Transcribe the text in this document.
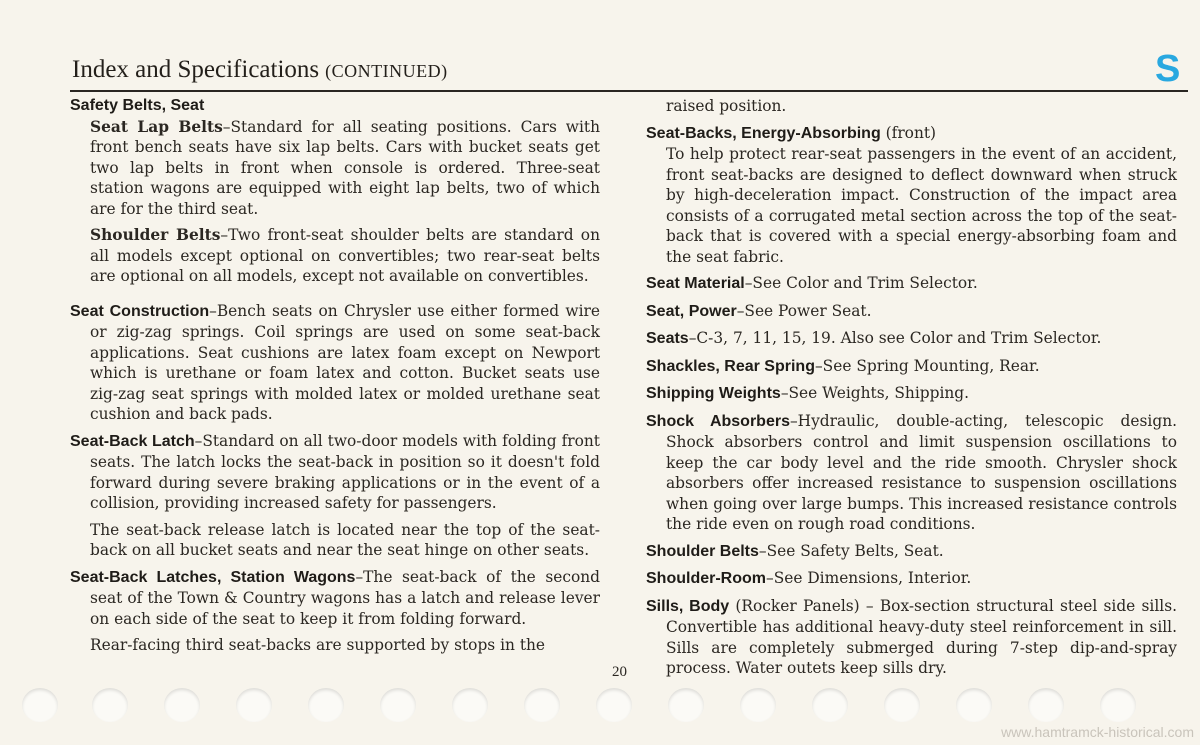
Index and Specifications (CONTINUED)	S
Safety Belts, Seat

Seat Lap Belts–Standard for all seating positions. Cars with front bench seats have six lap belts. Cars with bucket seats get two lap belts in front when console is ordered. Three-seat station wagons are equipped with eight lap belts, two of which are for the third seat.

Shoulder Belts–Two front-seat shoulder belts are standard on all models except optional on convertibles; two rear-seat belts are optional on all models, except not available on convertibles.

Seat Construction–Bench seats on Chrysler use either formed wire or zig-zag springs. Coil springs are used on some seat-back applications. Seat cushions are latex foam except on Newport which is urethane or foam latex and cotton. Bucket seats use zig-zag seat springs with molded latex or molded urethane seat cushion and back pads.

Seat-Back Latch–Standard on all two-door models with folding front seats. The latch locks the seat-back in position so it doesn't fold forward during severe braking applications or in the event of a collision, providing increased safety for passengers.

The seat-back release latch is located near the top of the seat-back on all bucket seats and near the seat hinge on other seats.

Seat-Back Latches, Station Wagons–The seat-back of the second seat of the Town & Country wagons has a latch and release lever on each side of the seat to keep it from folding forward.

Rear-facing third seat-backs are supported by stops in the

raised position.

Seat-Backs, Energy-Absorbing (front)

To help protect rear-seat passengers in the event of an accident, front seat-backs are designed to deflect downward when struck by high-deceleration impact. Construction of the impact area consists of a corrugated metal section across the top of the seat-back that is covered with a special energy-absorbing foam and the seat fabric.

Seat Material–See Color and Trim Selector.

Seat, Power–See Power Seat.

Seats–C-3, 7, 11, 15, 19. Also see Color and Trim Selector.

Shackles, Rear Spring–See Spring Mounting, Rear.

Shipping Weights–See Weights, Shipping.

Shock Absorbers–Hydraulic, double-acting, telescopic design. Shock absorbers control and limit suspension oscillations to keep the car body level and the ride smooth. Chrysler shock absorbers offer increased resistance to suspension oscillations when going over large bumps. This increased resistance controls the ride even on rough road conditions.

Shoulder Belts–See Safety Belts, Seat.

Shoulder-Room–See Dimensions, Interior.

Sills, Body (Rocker Panels) – Box-section structural steel side sills. Convertible has additional heavy-duty steel reinforcement in sill. Sills are completely submerged during 7-step dip-and-spray process. Water outets keep sills dry.

20
www.hamtramck-historical.com
